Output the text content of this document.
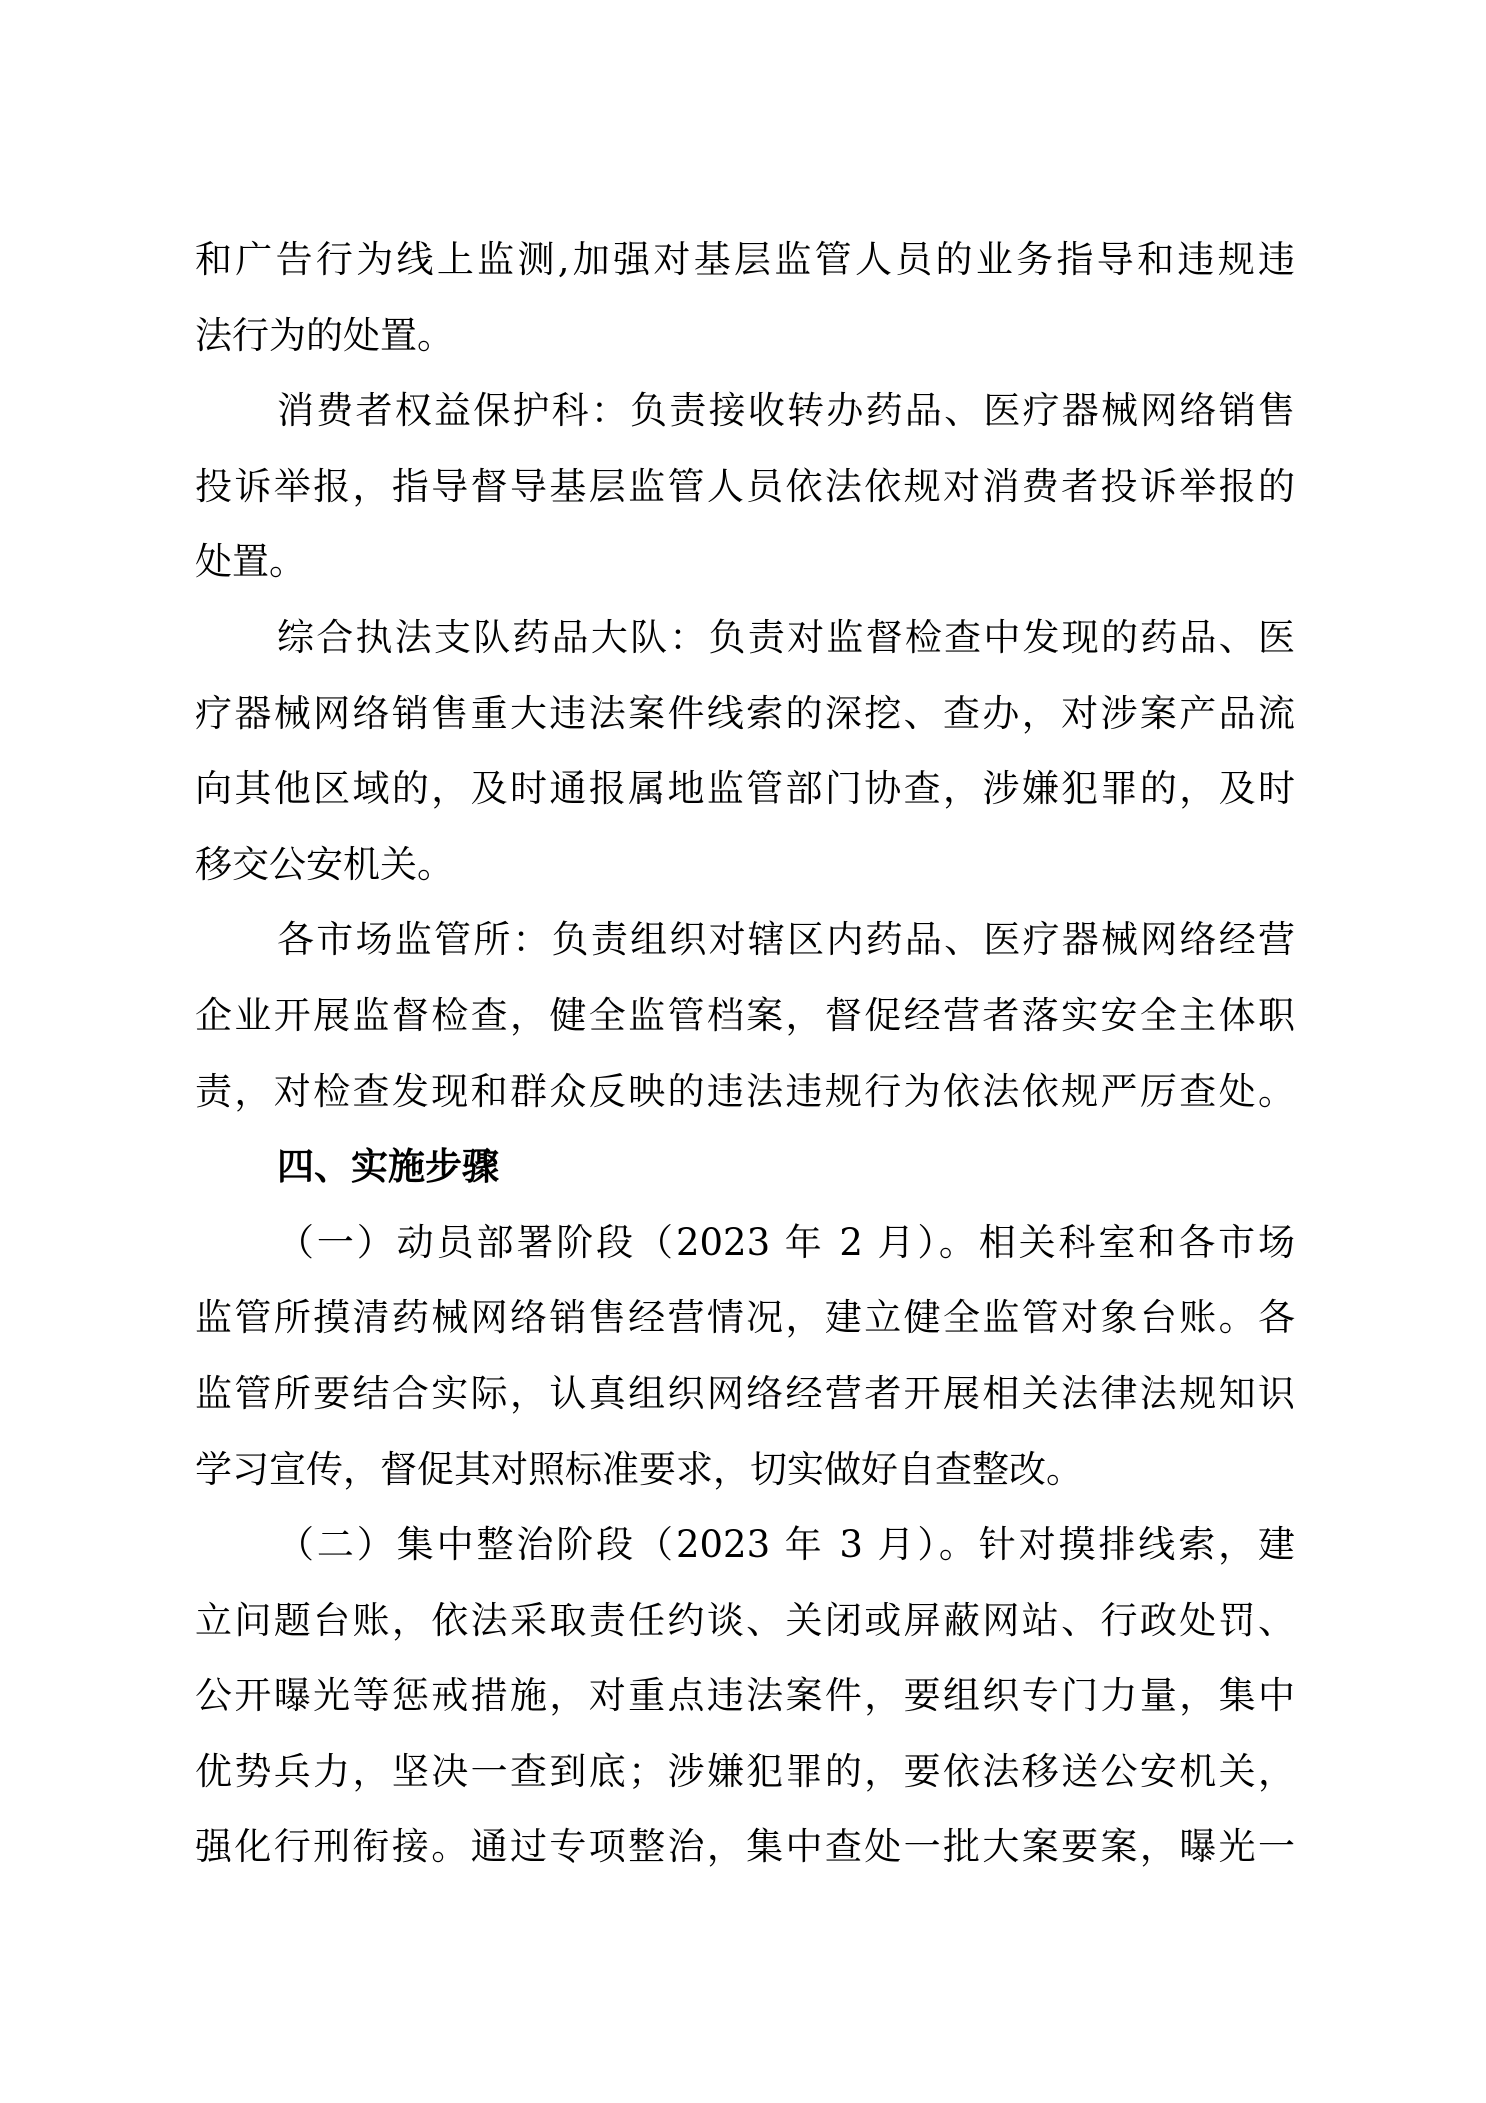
和广告行为线上监测,加强对基层监管人员的业务指导和违规违
法行为的处置。
消费者权益保护科：负责接收转办药品、医疗器械网络销售
投诉举报，指导督导基层监管人员依法依规对消费者投诉举报的
处置。
综合执法支队药品大队：负责对监督检查中发现的药品、医
疗器械网络销售重大违法案件线索的深挖、查办，对涉案产品流
向其他区域的，及时通报属地监管部门协查，涉嫌犯罪的，及时
移交公安机关。
各市场监管所：负责组织对辖区内药品、医疗器械网络经营
企业开展监督检查，健全监管档案，督促经营者落实安全主体职
责，对检查发现和群众反映的违法违规行为依法依规严厉查处。
四、实施步骤
（一）动员部署阶段（2023 年 2 月）。相关科室和各市场
监管所摸清药械网络销售经营情况，建立健全监管对象台账。各
监管所要结合实际，认真组织网络经营者开展相关法律法规知识
学习宣传，督促其对照标准要求，切实做好自查整改。
（二）集中整治阶段（2023 年 3 月）。针对摸排线索，建
立问题台账，依法采取责任约谈、关闭或屏蔽网站、行政处罚、
公开曝光等惩戒措施，对重点违法案件，要组织专门力量，集中
优势兵力，坚决一查到底；涉嫌犯罪的，要依法移送公安机关，
强化行刑衔接。通过专项整治，集中查处一批大案要案，曝光一
